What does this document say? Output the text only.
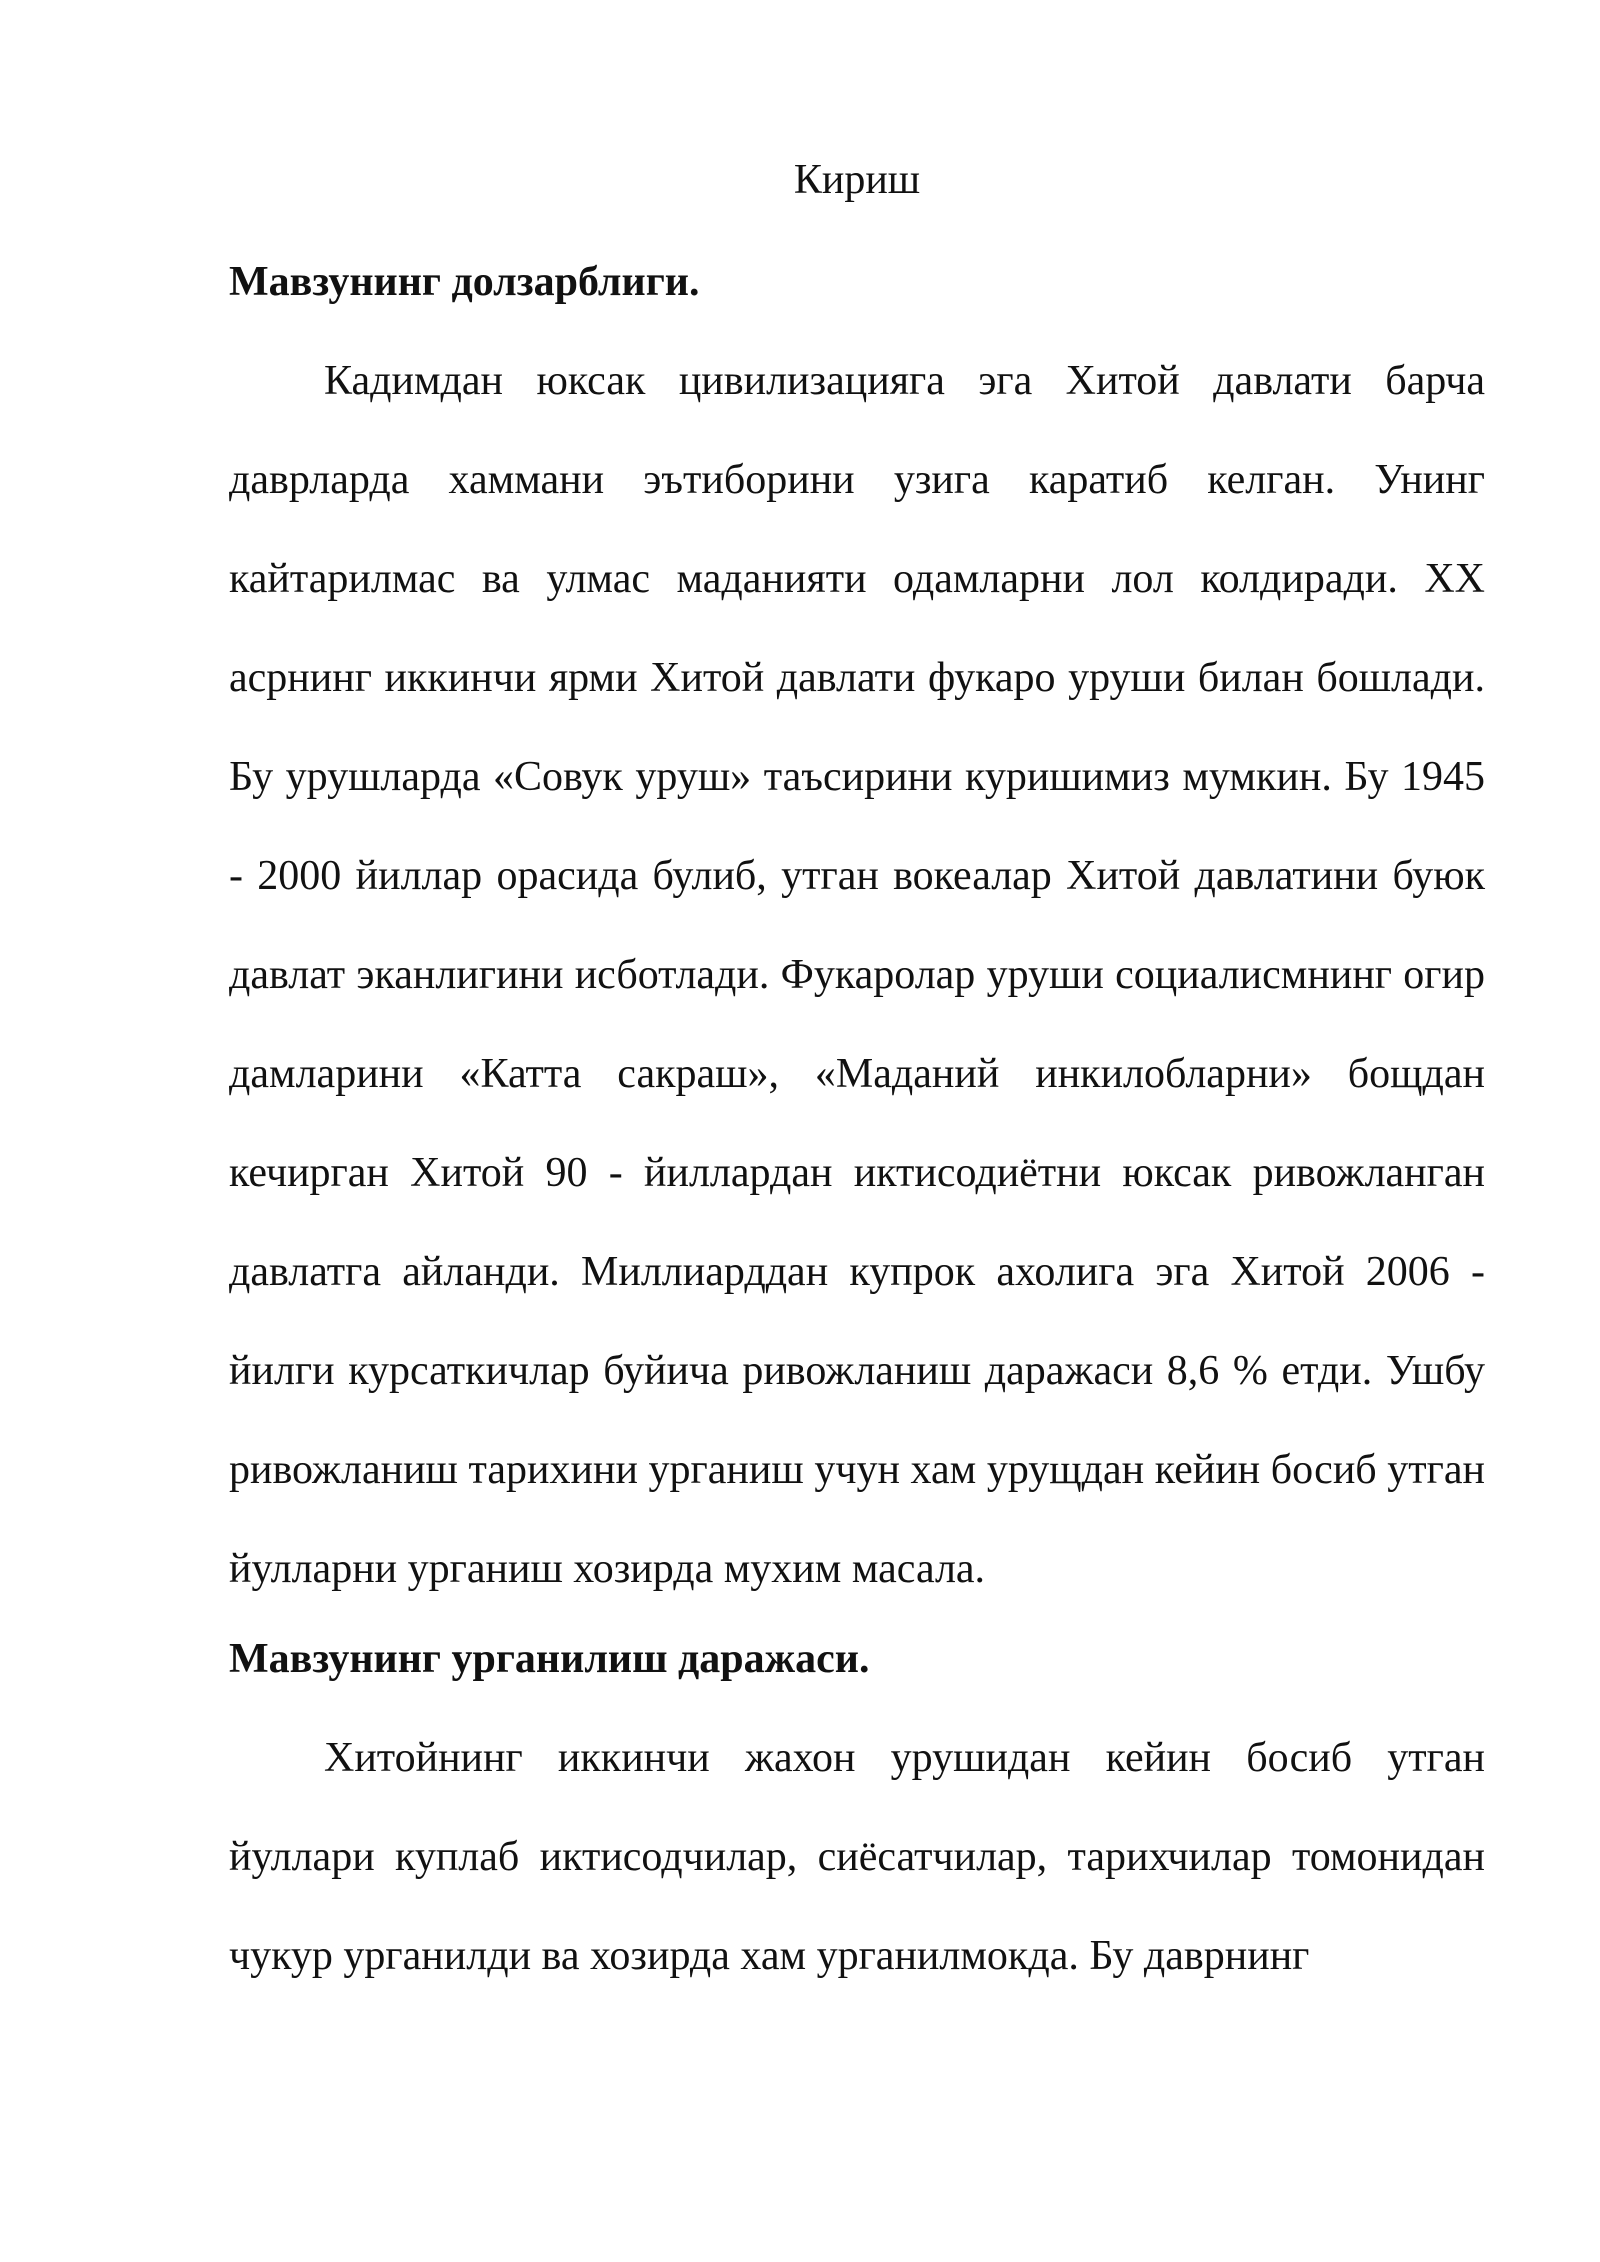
Кириш
Мавзунинг долзарблиги.

Кадимдан юксак цивилизацияга эга Хитой давлати барча даврларда хаммани эътиборини узига каратиб келган. Унинг кайтарилмас ва улмас маданияти одамларни лол колдиради. XX асрнинг иккинчи ярми Хитой давлати фукаро уруши билан бошлади. Бу урушларда «Совук уруш» таъсирини куришимиз мумкин. Бу 1945 - 2000 йиллар орасида булиб, утган вокеалар Хитой давлатини буюк давлат эканлигини исботлади. Фукаролар уруши социалисмнинг огир дамларини «Катта сакраш», «Маданий инкилобларни» бощдан кечирган Хитой 90 - йиллардан иктисодиётни юксак ривожланган давлатга айланди. Миллиарддан купрок ахолига эга Хитой 2006 - йилги курсаткичлар буйича ривожланиш даражаси 8,6 % етди. Ушбу ривожланиш тарихини урганиш учун хам урущдан кейин босиб утган йулларни урганиш хозирда мухим масала.

Мавзунинг урганилиш даражаси.

Хитойнинг иккинчи жахон урушидан кейин босиб утган йуллари куплаб иктисодчилар, сиёсатчилар, тарихчилар томонидан чукур урганилди ва хозирда хам урганилмокда. Бу даврнинг
